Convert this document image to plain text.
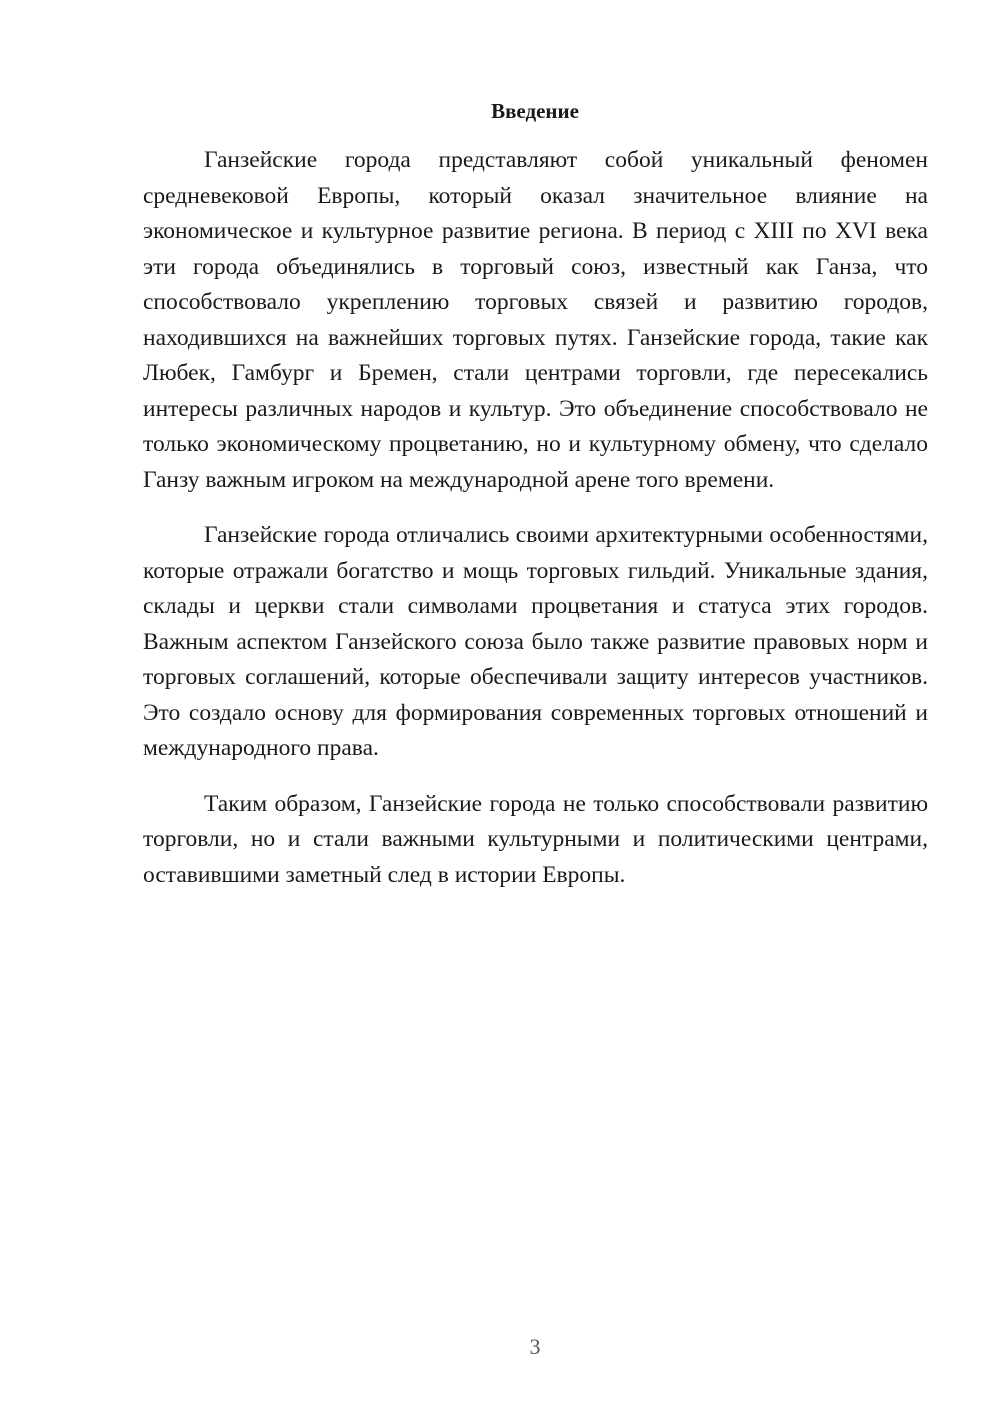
Введение

Ганзейские города представляют собой уникальный феномен средневековой Европы, который оказал значительное влияние на экономическое и культурное развитие региона. В период с XIII по XVI века эти города объединялись в торговый союз, известный как Ганза, что способствовало укреплению торговых связей и развитию городов, находившихся на важнейших торговых путях. Ганзейские города, такие как Любек, Гамбург и Бремен, стали центрами торговли, где пересекались интересы различных народов и культур. Это объединение способствовало не только экономическому процветанию, но и культурному обмену, что сделало Ганзу важным игроком на международной арене того времени.

Ганзейские города отличались своими архитектурными особенностями, которые отражали богатство и мощь торговых гильдий. Уникальные здания, склады и церкви стали символами процветания и статуса этих городов. Важным аспектом Ганзейского союза было также развитие правовых норм и торговых соглашений, которые обеспечивали защиту интересов участников. Это создало основу для формирования современных торговых отношений и международного права.

Таким образом, Ганзейские города не только способствовали развитию торговли, но и стали важными культурными и политическими центрами, оставившими заметный след в истории Европы.

3
